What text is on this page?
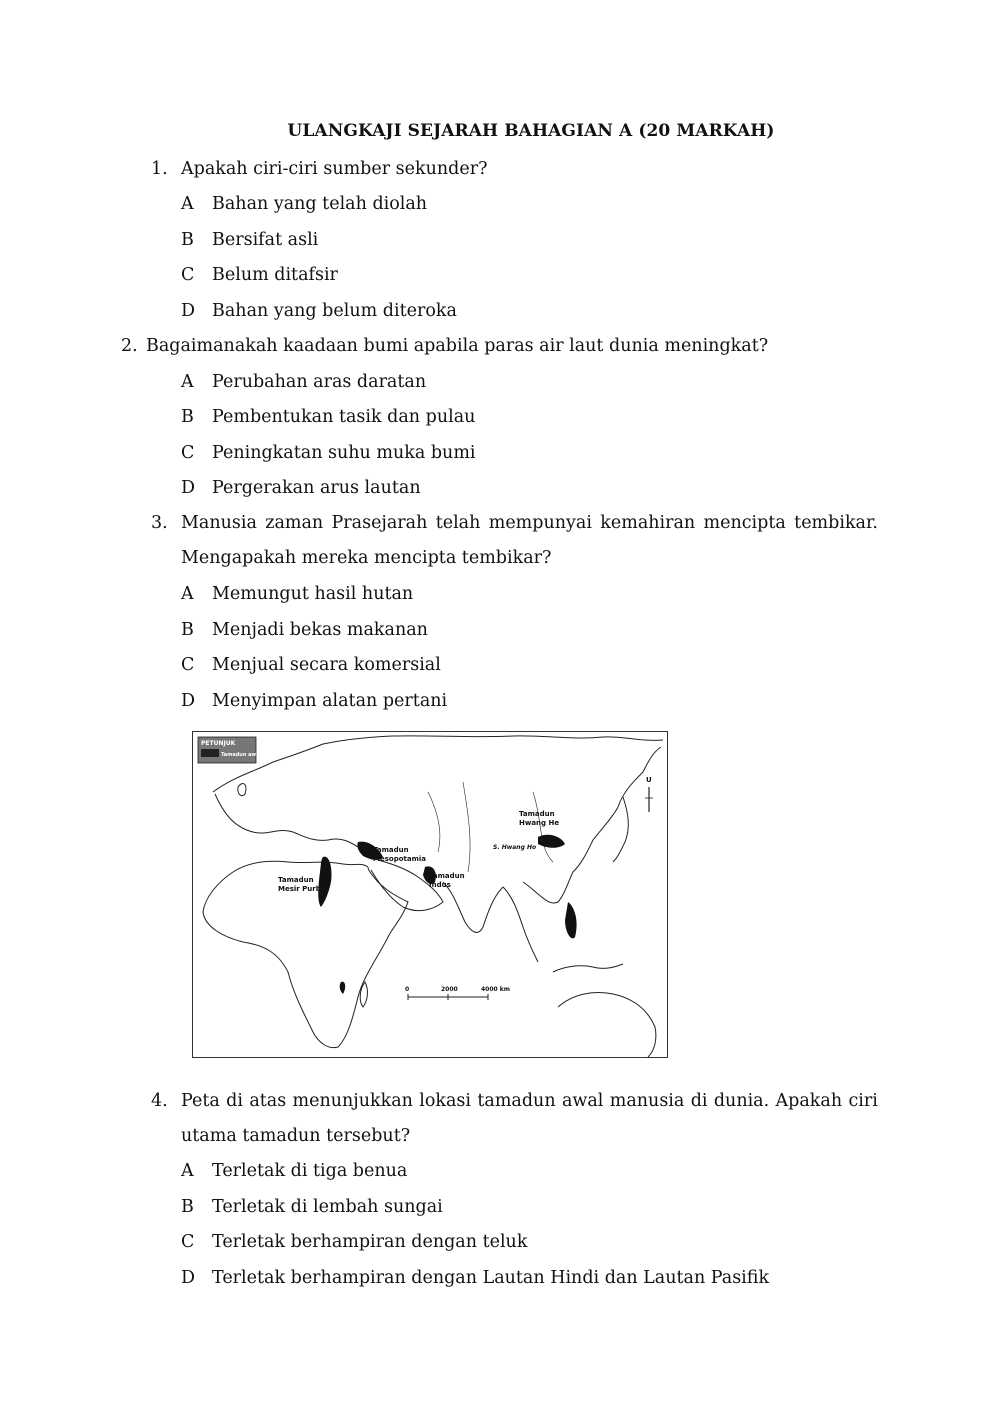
ULANGKAJI SEJARAH BAHAGIAN A (20 MARKAH)
1. Apakah ciri-ciri sumber sekunder?
A Bahan yang telah diolah
B Bersifat asli
C Belum ditafsir
D Bahan yang belum diteroka
2. Bagaimanakah kaadaan bumi apabila paras air laut dunia meningkat?
A Perubahan aras daratan
B Pembentukan tasik dan pulau
C Peningkatan suhu muka bumi
D Pergerakan arus lautan
3. Manusia zaman Prasejarah telah mempunyai kemahiran mencipta tembikar.
Mengapakah mereka mencipta tembikar?
A Memungut hasil hutan
B Menjadi bekas makanan
C Menjual secara komersial
D Menyimpan alatan pertani
PETUNJUK
Tamadun awal
Tamadun
Hwang He
S. Hwang Ho
Tamadun
Mesopotamia
Tamadun
Indus
Tamadun
Mesir Purba
U
0	2000	4000 km
4. Peta di atas menunjukkan lokasi tamadun awal manusia di dunia. Apakah ciri
utama tamadun tersebut?
A Terletak di tiga benua
B Terletak di lembah sungai
C Terletak berhampiran dengan teluk
D Terletak berhampiran dengan Lautan Hindi dan Lautan Pasifik
